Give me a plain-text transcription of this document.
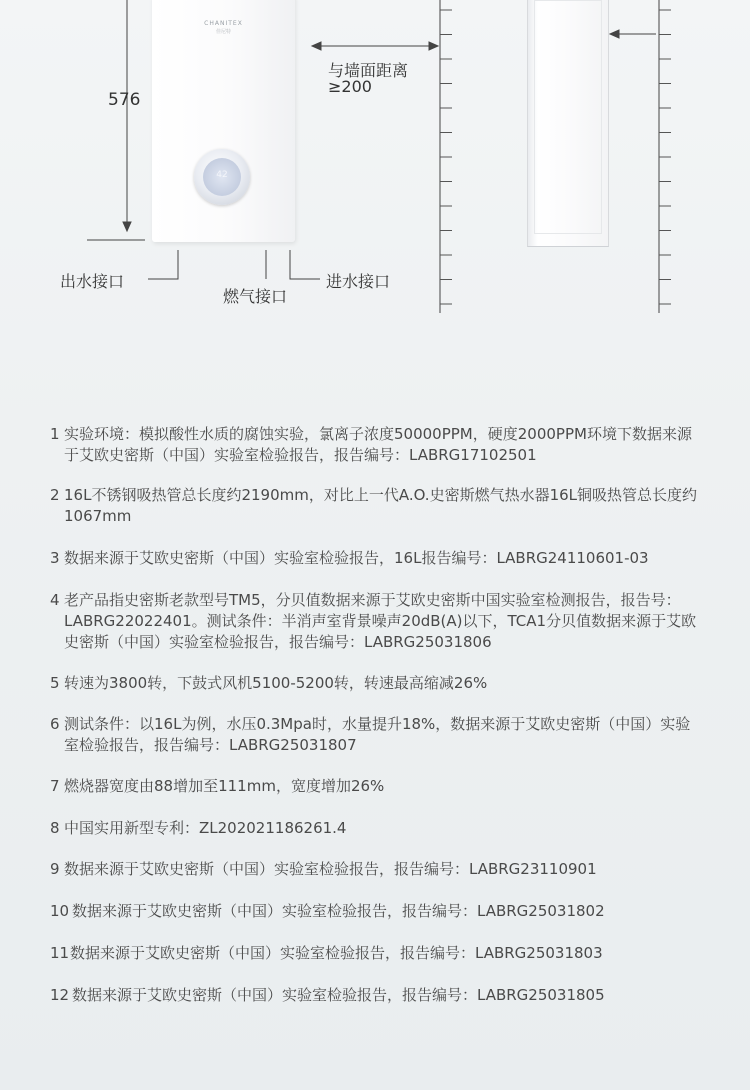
CHANITEX
佳尼特
42
576
与墙面距离
≥200
出水接口
燃气接口
进水接口
1 实验环境：模拟酸性水质的腐蚀实验，氯离子浓度50000PPM，硬度2000PPM环境下数据来源于艾欧史密斯（中国）实验室检验报告，报告编号：LABRG17102501
2 16L不锈钢吸热管总长度约2190mm，对比上一代A.O.史密斯燃气热水器16L铜吸热管总长度约1067mm
3 数据来源于艾欧史密斯（中国）实验室检验报告，16L报告编号：LABRG24110601-03
4 老产品指史密斯老款型号TM5，分贝值数据来源于艾欧史密斯中国实验室检测报告，报告号：LABRG22022401。测试条件：半消声室背景噪声20dB(A)以下，TCA1分贝值数据来源于艾欧史密斯（中国）实验室检验报告，报告编号：LABRG25031806
5 转速为3800转，下鼓式风机5100-5200转，转速最高缩减26%
6 测试条件：以16L为例，水压0.3Mpa时，水量提升18%，数据来源于艾欧史密斯（中国）实验室检验报告，报告编号：LABRG25031807
7 燃烧器宽度由88增加至111mm，宽度增加26%
8 中国实用新型专利：ZL202021186261.4
9 数据来源于艾欧史密斯（中国）实验室检验报告，报告编号：LABRG23110901
10 数据来源于艾欧史密斯（中国）实验室检验报告，报告编号：LABRG25031802
11 数据来源于艾欧史密斯（中国）实验室检验报告，报告编号：LABRG25031803
12 数据来源于艾欧史密斯（中国）实验室检验报告，报告编号：LABRG25031805
